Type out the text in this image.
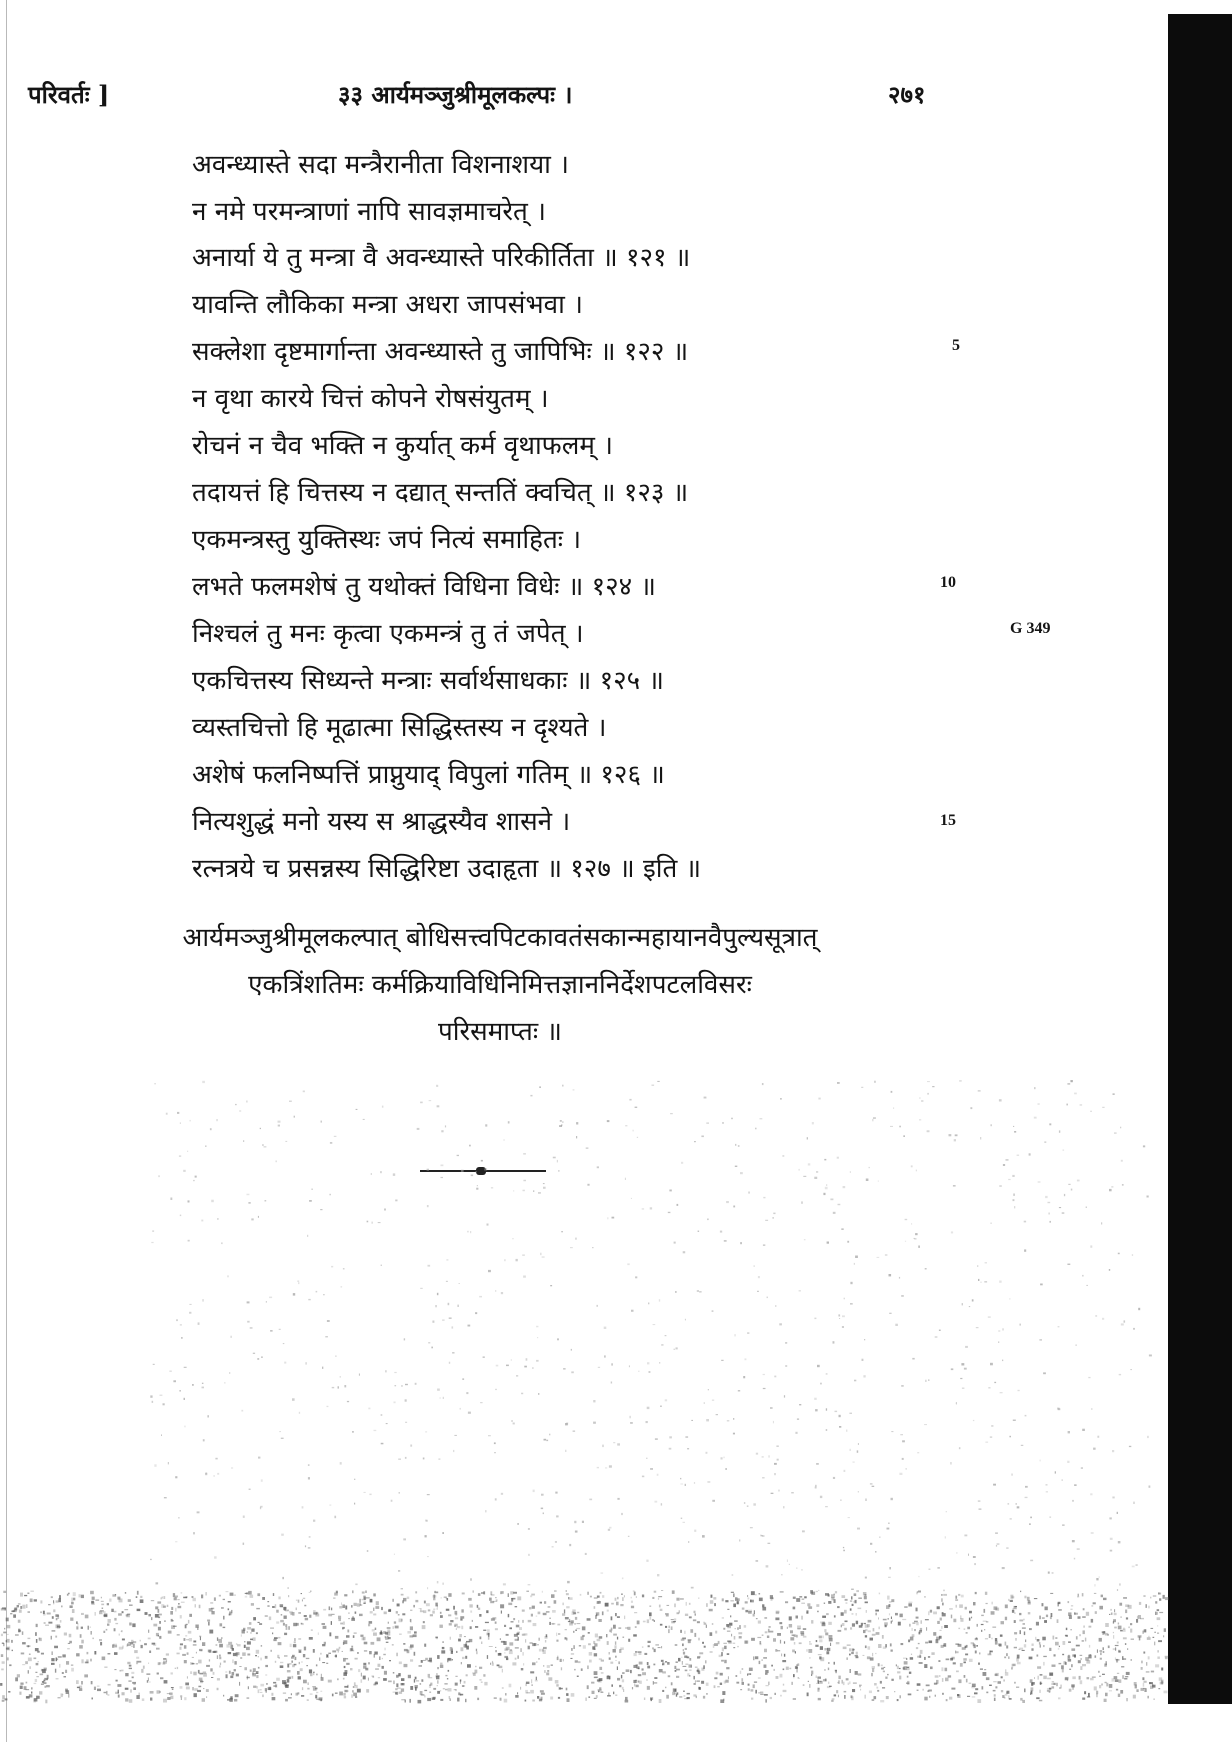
परिवर्तः ]	३३ आर्यमञ्जुश्रीमूलकल्पः ।	२७१
अवन्ध्यास्ते सदा मन्त्रैरानीता विशनाशया ।
न नमे परमन्त्राणां नापि सावज्ञमाचरेत् ।
अनार्या ये तु मन्त्रा वै अवन्ध्यास्ते परिकीर्तिता ॥ १२१ ॥
यावन्ति लौकिका मन्त्रा अधरा जापसंभवा ।
सक्लेशा दृष्टमार्गान्ता अवन्ध्यास्ते तु जापिभिः ॥ १२२ ॥
न वृथा कारये चित्तं कोपने रोषसंयुतम् ।
रोचनं न चैव भक्ति न कुर्यात् कर्म वृथाफलम् ।
तदायत्तं हि चित्तस्य न दद्यात् सन्ततिं क्वचित् ॥ १२३ ॥
एकमन्त्रस्तु युक्तिस्थः जपं नित्यं समाहितः ।
लभते फलमशेषं तु यथोक्तं विधिना विधेः ॥ १२४ ॥
निश्चलं तु मनः कृत्वा एकमन्त्रं तु तं जपेत् ।
एकचित्तस्य सिध्यन्ते मन्त्राः सर्वार्थसाधकाः ॥ १२५ ॥
व्यस्तचित्तो हि मूढात्मा सिद्धिस्तस्य न दृश्यते ।
अशेषं फलनिष्पत्तिं प्राप्नुयाद् विपुलां गतिम् ॥ १२६ ॥
नित्यशुद्धं मनो यस्य स श्राद्धस्यैव शासने ।
रत्नत्रये च प्रसन्नस्य सिद्धिरिष्टा उदाहृता ॥ १२७ ॥ इति ॥
5
10
G 349
15
आर्यमञ्जुश्रीमूलकल्पात् बोधिसत्त्वपिटकावतंसकान्महायानवैपुल्यसूत्रात्
एकत्रिंशतिमः कर्मक्रियाविधिनिमित्तज्ञाननिर्देशपटलविसरः
परिसमाप्तः ॥
